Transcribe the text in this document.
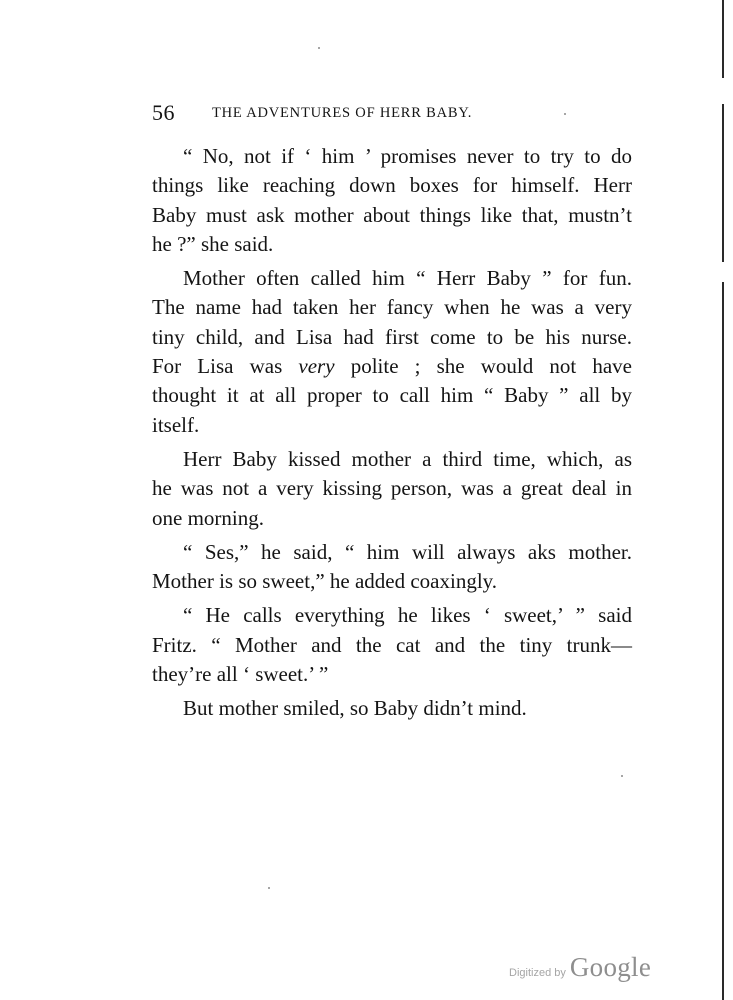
56	THE ADVENTURES OF HERR BABY.
“ No, not if ‘ him ’ promises never to try to do
things like reaching down boxes for himself. Herr
Baby must ask mother about things like that, mustn’t
he ?” she said.
Mother often called him “ Herr Baby ” for fun.
The name had taken her fancy when he was a very
tiny child, and Lisa had first come to be his nurse.
For Lisa was very polite ; she would not have
thought it at all proper to call him “ Baby ” all by
itself.
Herr Baby kissed mother a third time, which, as
he was not a very kissing person, was a great deal in
one morning.
“ Ses,” he said, “ him will always aks mother.
Mother is so sweet,” he added coaxingly.
“ He calls everything he likes ‘ sweet,’ ” said
Fritz. “ Mother and the cat and the tiny trunk—
they’re all ‘ sweet.’ ”
But mother smiled, so Baby didn’t mind.
Digitized by Google
